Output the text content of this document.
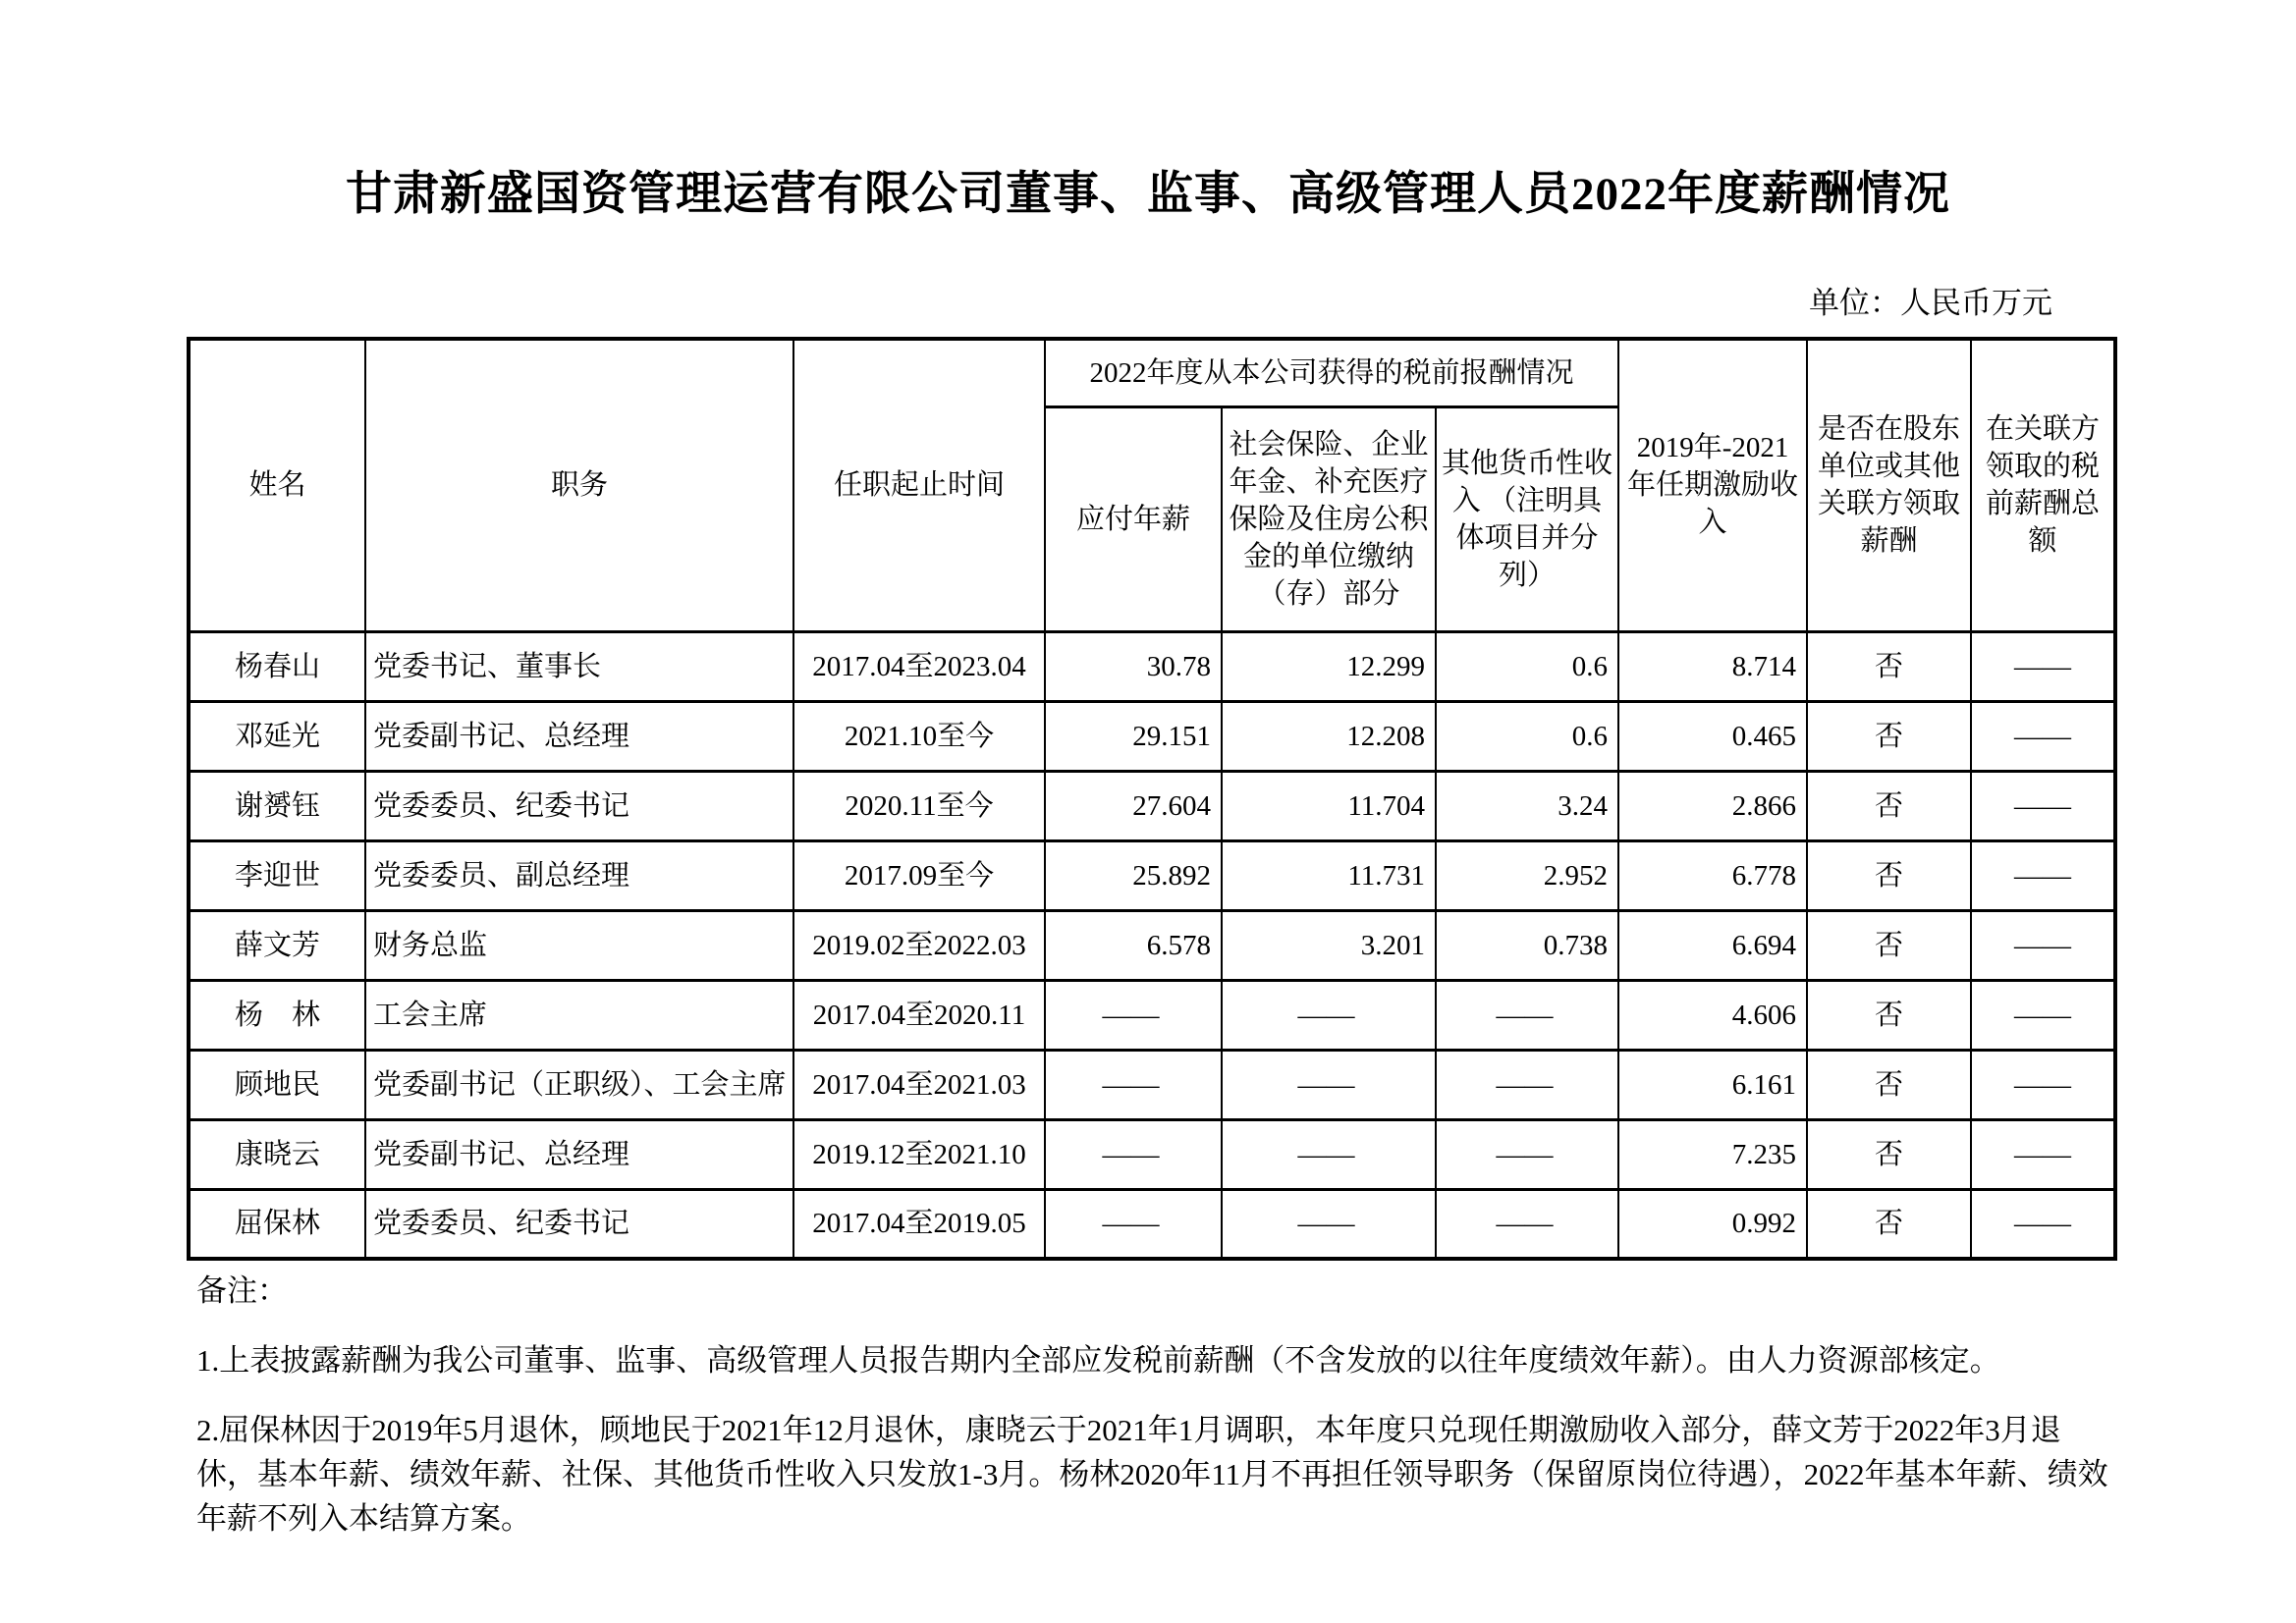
甘肃新盛国资管理运营有限公司董事、监事、高级管理人员2022年度薪酬情况
单位：人民币万元
姓名	职务	任职起止时间	2022年度从本公司获得的税前报酬情况			2019年-2021年任期激励收入	是否在股东单位或其他关联方领取薪酬	在关联方领取的税前薪酬总额
			应付年薪	社会保险、企业年金、补充医疗保险及住房公积金的单位缴纳（存）部分	其他货币性收入 （注明具体项目并分列）			
杨春山	党委书记、董事长	2017.04至2023.04	30.78	12.299	0.6	8.714	否	——
邓延光	党委副书记、总经理	2021.10至今	29.151	12.208	0.6	0.465	否	——
谢赟钰	党委委员、纪委书记	2020.11至今	27.604	11.704	3.24	2.866	否	——
李迎世	党委委员、副总经理	2017.09至今	25.892	11.731	2.952	6.778	否	——
薛文芳	财务总监	2019.02至2022.03	6.578	3.201	0.738	6.694	否	——
杨　林	工会主席	2017.04至2020.11	——	——	——	4.606	否	——
顾地民	党委副书记（正职级）、工会主席	2017.04至2021.03	——	——	——	6.161	否	——
康晓云	党委副书记、总经理	2019.12至2021.10	——	——	——	7.235	否	——
屈保林	党委委员、纪委书记	2017.04至2019.05	——	——	——	0.992	否	——
备注：
1.上表披露薪酬为我公司董事、监事、高级管理人员报告期内全部应发税前薪酬（不含发放的以往年度绩效年薪）。由人力资源部核定。
2.屈保林因于2019年5月退休，顾地民于2021年12月退休，康晓云于2021年1月调职，本年度只兑现任期激励收入部分，薛文芳于2022年3月退休，基本年薪、绩效年薪、社保、其他货币性收入只发放1-3月。杨林2020年11月不再担任领导职务（保留原岗位待遇），2022年基本年薪、绩效年薪不列入本结算方案。
